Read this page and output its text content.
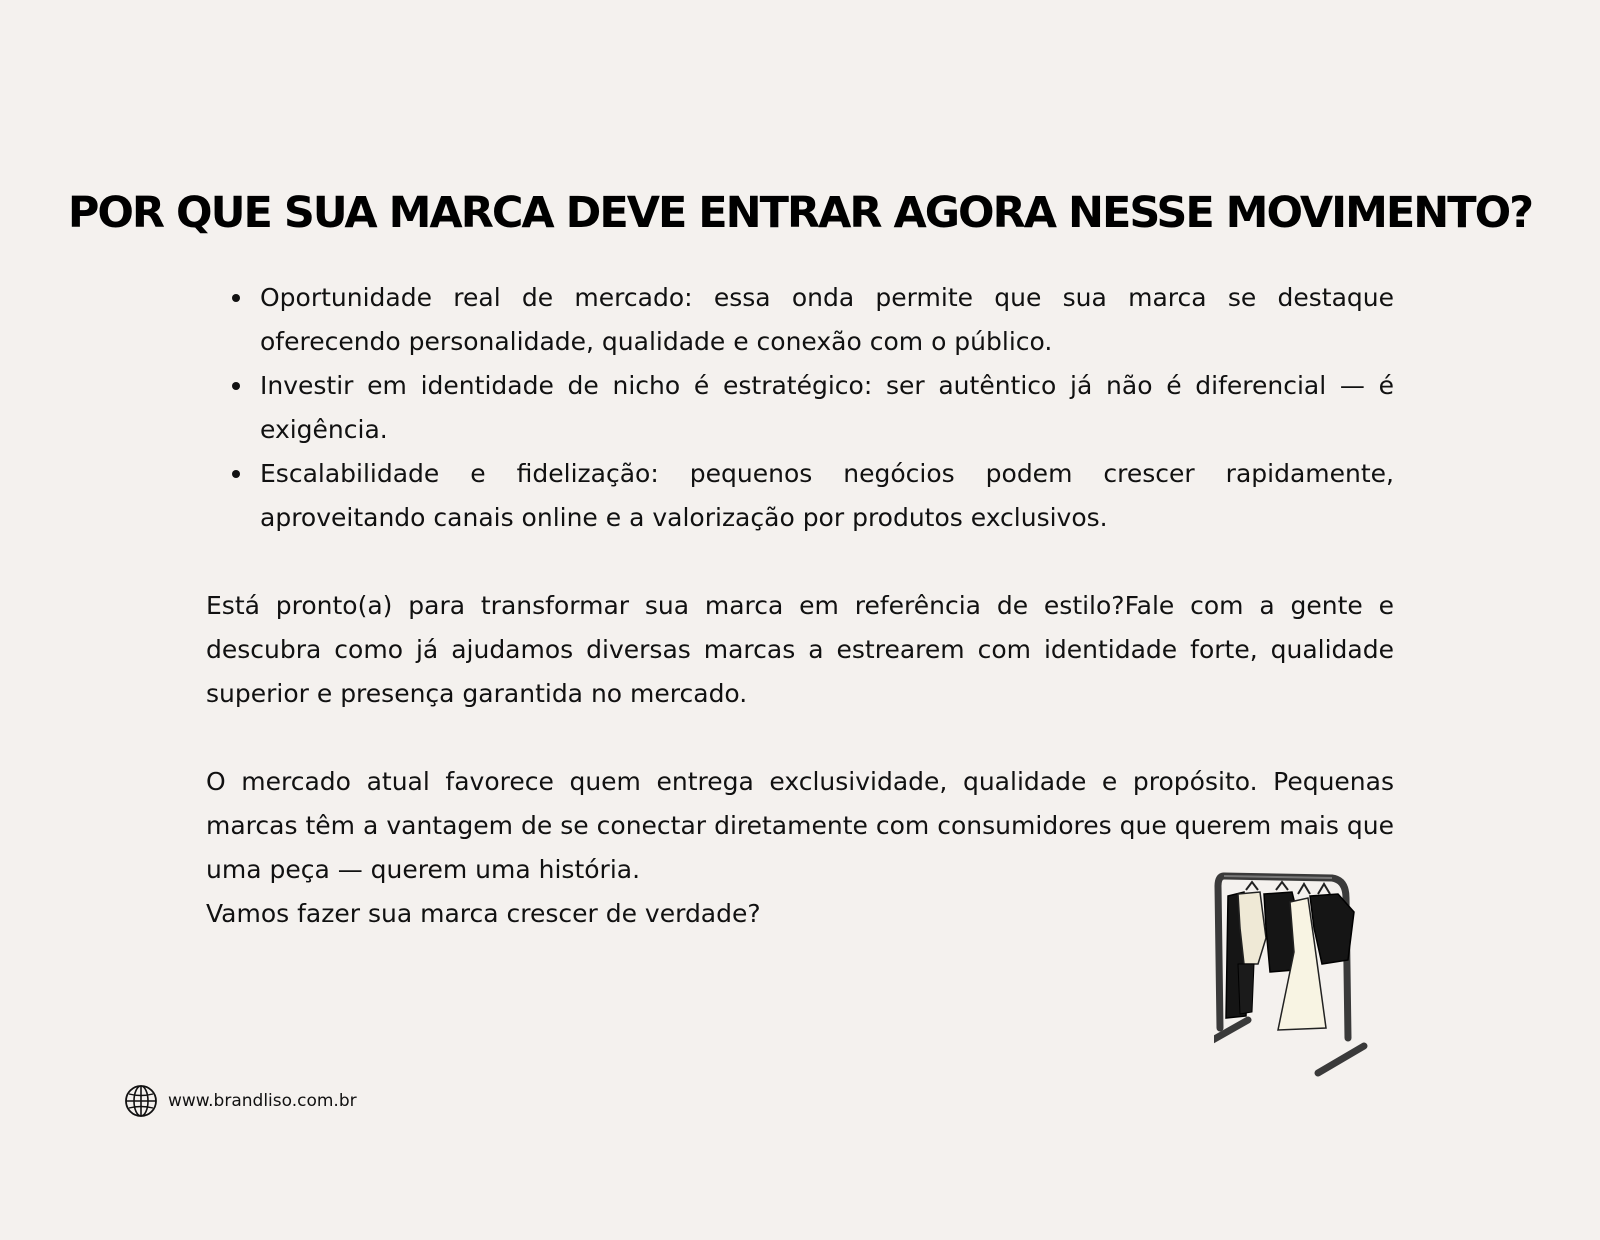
POR QUE SUA MARCA DEVE ENTRAR AGORA NESSE MOVIMENTO?
Oportunidade real de mercado: essa onda permite que sua marca se destaque oferecendo personalidade, qualidade e conexão com o público.
Investir em identidade de nicho é estratégico: ser autêntico já não é diferencial — é exigência.
Escalabilidade e fidelização: pequenos negócios podem crescer rapidamente, aproveitando canais online e a valorização por produtos exclusivos.

Está pronto(a) para transformar sua marca em referência de estilo?Fale com a gente e descubra como já ajudamos diversas marcas a estrearem com identidade forte, qualidade superior e presença garantida no mercado.

O mercado atual favorece quem entrega exclusividade, qualidade e propósito. Pequenas marcas têm a vantagem de se conectar diretamente com consumidores que querem mais que uma peça — querem uma história.
Vamos fazer sua marca crescer de verdade?

www.brandliso.com.br
